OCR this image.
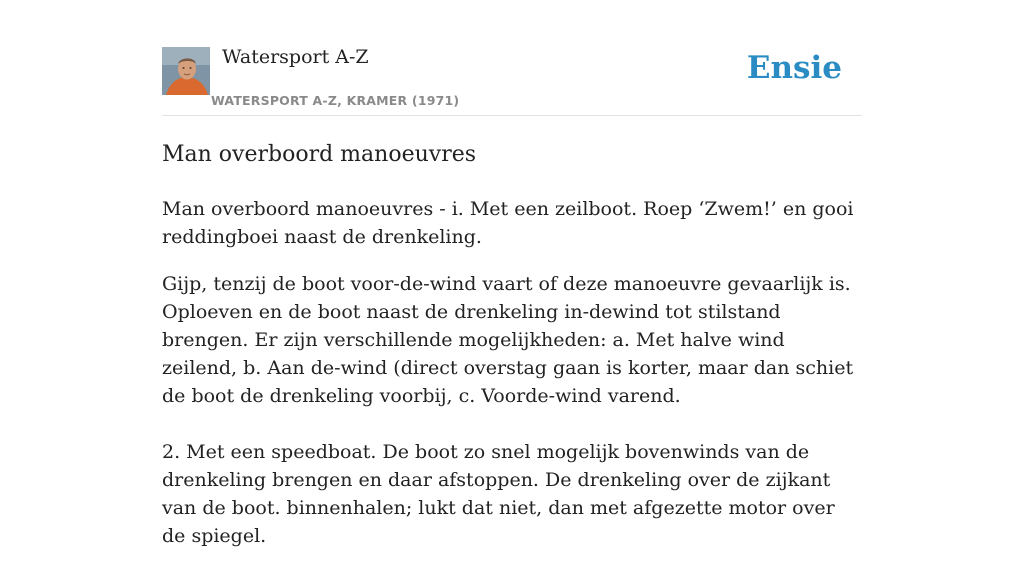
Watersport A-Z
WATERSPORT A-Z, KRAMER (1971)
Ensie
Man overboord manoeuvres

Man overboord manoeuvres - i. Met een zeilboot. Roep ‘Zwem!’ en gooi reddingboei naast de drenkeling.

Gijp, tenzij de boot voor-de-wind vaart of deze manoeuvre gevaarlijk is. Oploeven en de boot naast de drenkeling in-dewind tot stilstand brengen. Er zijn verschillende mogelijkheden: a. Met halve wind zeilend, b. Aan de-wind (direct overstag gaan is korter, maar dan schiet de boot de drenkeling voorbij, c. Voorde-wind varend.

2. Met een speedboat. De boot zo snel mogelijk bovenwinds van de drenkeling brengen en daar afstoppen. De drenkeling over de zijkant van de boot. binnenhalen; lukt dat niet, dan met afgezette motor over de spiegel.
